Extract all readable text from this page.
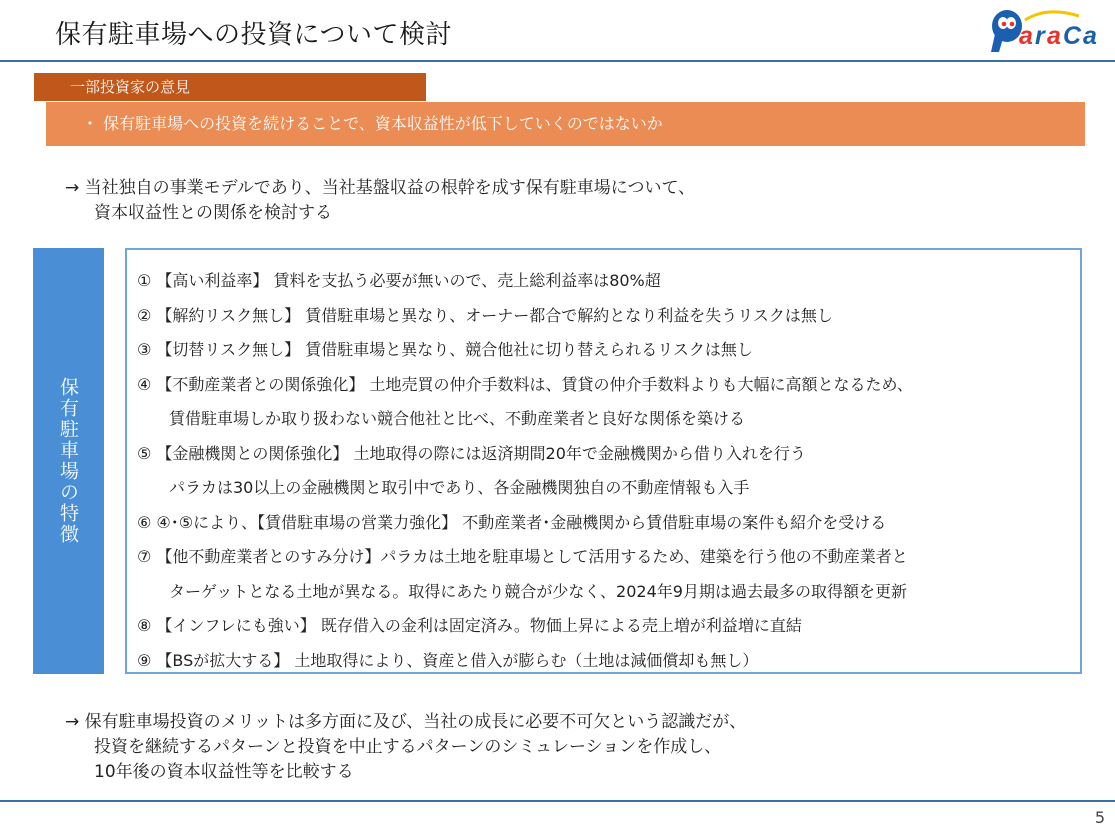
保有駐車場への投資について検討	a r a C a
一部投資家の意見
・ 保有駐車場への投資を続けることで、資本収益性が低下していくのではないか
→ 当社独自の事業モデルであり、当社基盤収益の根幹を成す保有駐車場について、
資本収益性との関係を検討する
保有駐車場の特徴
① 【高い利益率】 賃料を支払う必要が無いので、売上総利益率は80%超
② 【解約リスク無し】 賃借駐車場と異なり、オーナー都合で解約となり利益を失うリスクは無し
③ 【切替リスク無し】 賃借駐車場と異なり、競合他社に切り替えられるリスクは無し
④ 【不動産業者との関係強化】 土地売買の仲介手数料は、賃貸の仲介手数料よりも大幅に高額となるため、
賃借駐車場しか取り扱わない競合他社と比べ、不動産業者と良好な関係を築ける
⑤ 【金融機関との関係強化】 土地取得の際には返済期間20年で金融機関から借り入れを行う
パラカは30以上の金融機関と取引中であり、各金融機関独自の不動産情報も入手
⑥ ④･⑤により、【賃借駐車場の営業力強化】 不動産業者･金融機関から賃借駐車場の案件も紹介を受ける
⑦ 【他不動産業者とのすみ分け】パラカは土地を駐車場として活用するため、建築を行う他の不動産業者と
ターゲットとなる土地が異なる。取得にあたり競合が少なく、2024年9月期は過去最多の取得額を更新
⑧ 【インフレにも強い】 既存借入の金利は固定済み。物価上昇による売上増が利益増に直結
⑨ 【BSが拡大する】 土地取得により、資産と借入が膨らむ（土地は減価償却も無し）
→ 保有駐車場投資のメリットは多方面に及び、当社の成長に必要不可欠という認識だが、
投資を継続するパターンと投資を中止するパターンのシミュレーションを作成し、
10年後の資本収益性等を比較する
5
